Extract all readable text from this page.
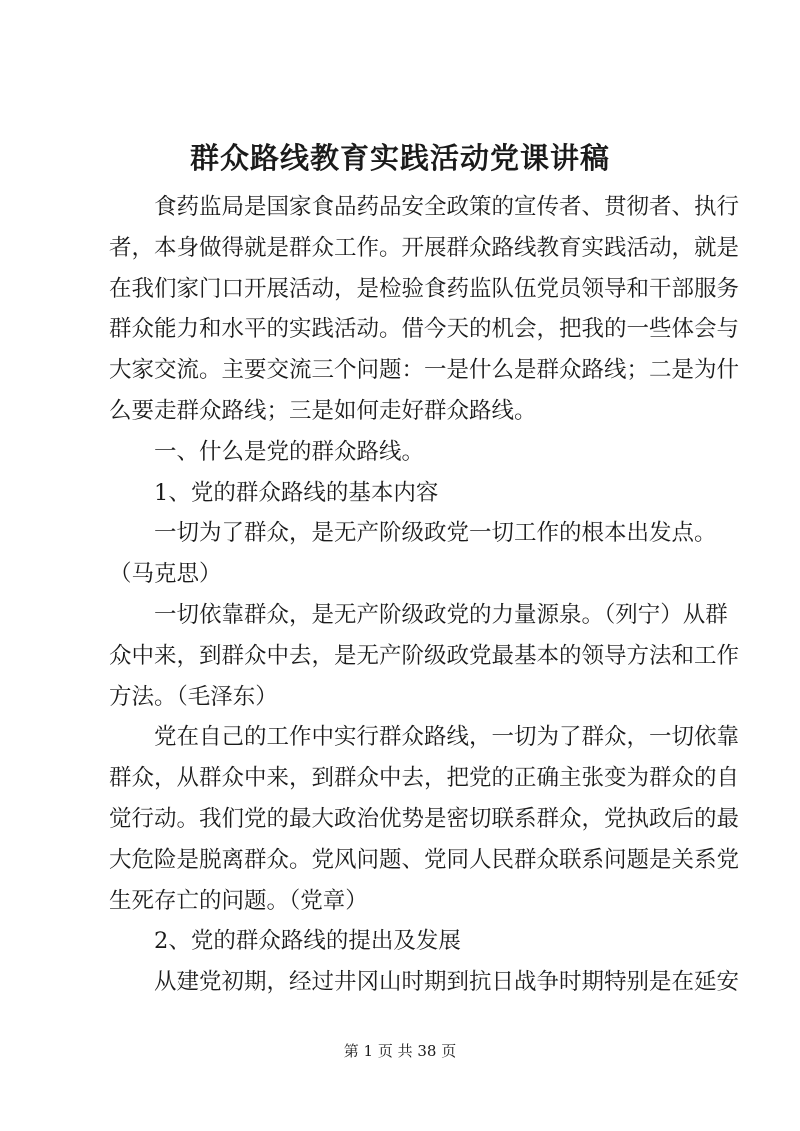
群众路线教育实践活动党课讲稿
食药监局是国家食品药品安全政策的宣传者、贯彻者、执行
者，本身做得就是群众工作。开展群众路线教育实践活动，就是
在我们家门口开展活动，是检验食药监队伍党员领导和干部服务
群众能力和水平的实践活动。借今天的机会，把我的一些体会与
大家交流。主要交流三个问题：一是什么是群众路线；二是为什
么要走群众路线；三是如何走好群众路线。
一、什么是党的群众路线。
1、党的群众路线的基本内容
一切为了群众，是无产阶级政党一切工作的根本出发点。
（马克思）
一切依靠群众，是无产阶级政党的力量源泉。（列宁）从群
众中来，到群众中去，是无产阶级政党最基本的领导方法和工作
方法。（毛泽东）
党在自己的工作中实行群众路线，一切为了群众，一切依靠
群众，从群众中来，到群众中去，把党的正确主张变为群众的自
觉行动。我们党的最大政治优势是密切联系群众，党执政后的最
大危险是脱离群众。党风问题、党同人民群众联系问题是关系党
生死存亡的问题。（党章）
2、党的群众路线的提出及发展
从建党初期，经过井冈山时期到抗日战争时期特别是在延安
第 1 页 共 38 页
